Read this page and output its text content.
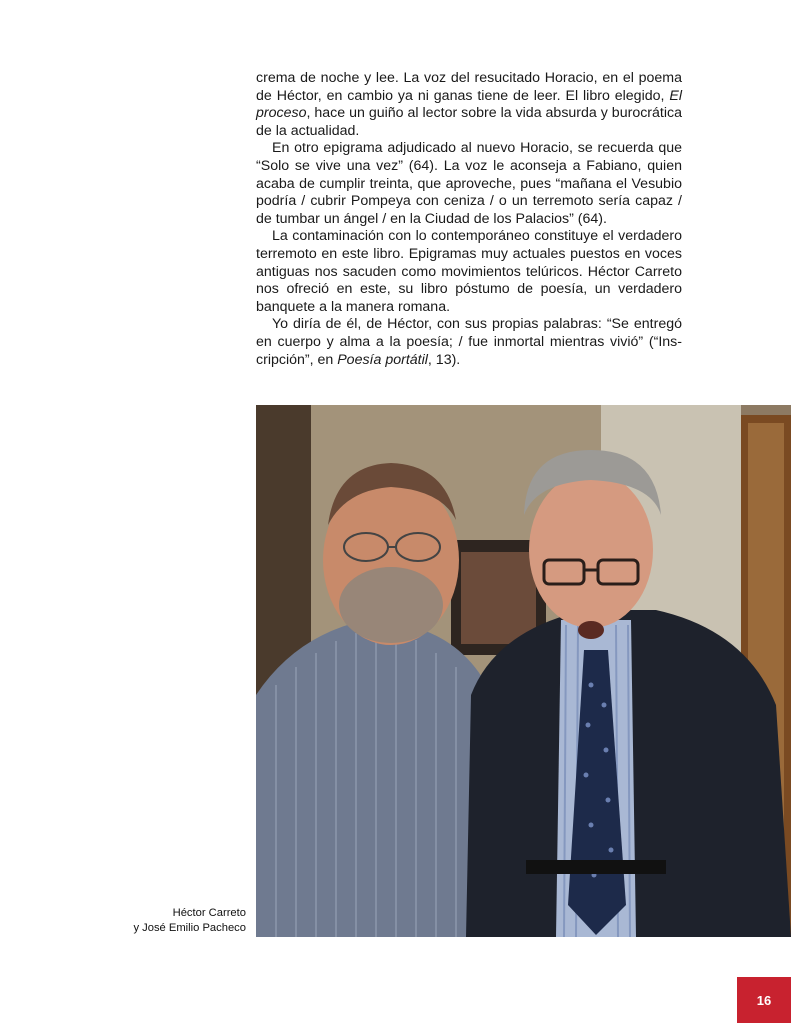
crema de noche y lee. La voz del resucitado Horacio, en el poema de Héctor, en cambio ya ni ganas tiene de leer. El libro elegido, El proceso, hace un guiño al lector sobre la vida absurda y burocrática de la actualidad.

En otro epigrama adjudicado al nuevo Horacio, se recuerda que “Solo se vive una vez” (64). La voz le aconseja a Fabiano, quien acaba de cumplir treinta, que aproveche, pues “mañana el Vesubio podría / cubrir Pompeya con ceniza / o un terremoto sería capaz / de tumbar un ángel / en la Ciudad de los Palacios” (64).

La contaminación con lo contemporáneo constituye el verdadero terremoto en este libro. Epigramas muy actuales puestos en voces antiguas nos sacuden como movimientos telúricos. Héctor Carreto nos ofreció en este, su libro póstumo de poesía, un verdadero banquete a la manera romana.

Yo diría de él, de Héctor, con sus propias palabras: “Se entregó en cuerpo y alma a la poesía; / fue inmortal mientras vivió” (“Inscripción”, en Poesía portátil, 13).

Héctor Carreto
y José Emilio Pacheco
16
